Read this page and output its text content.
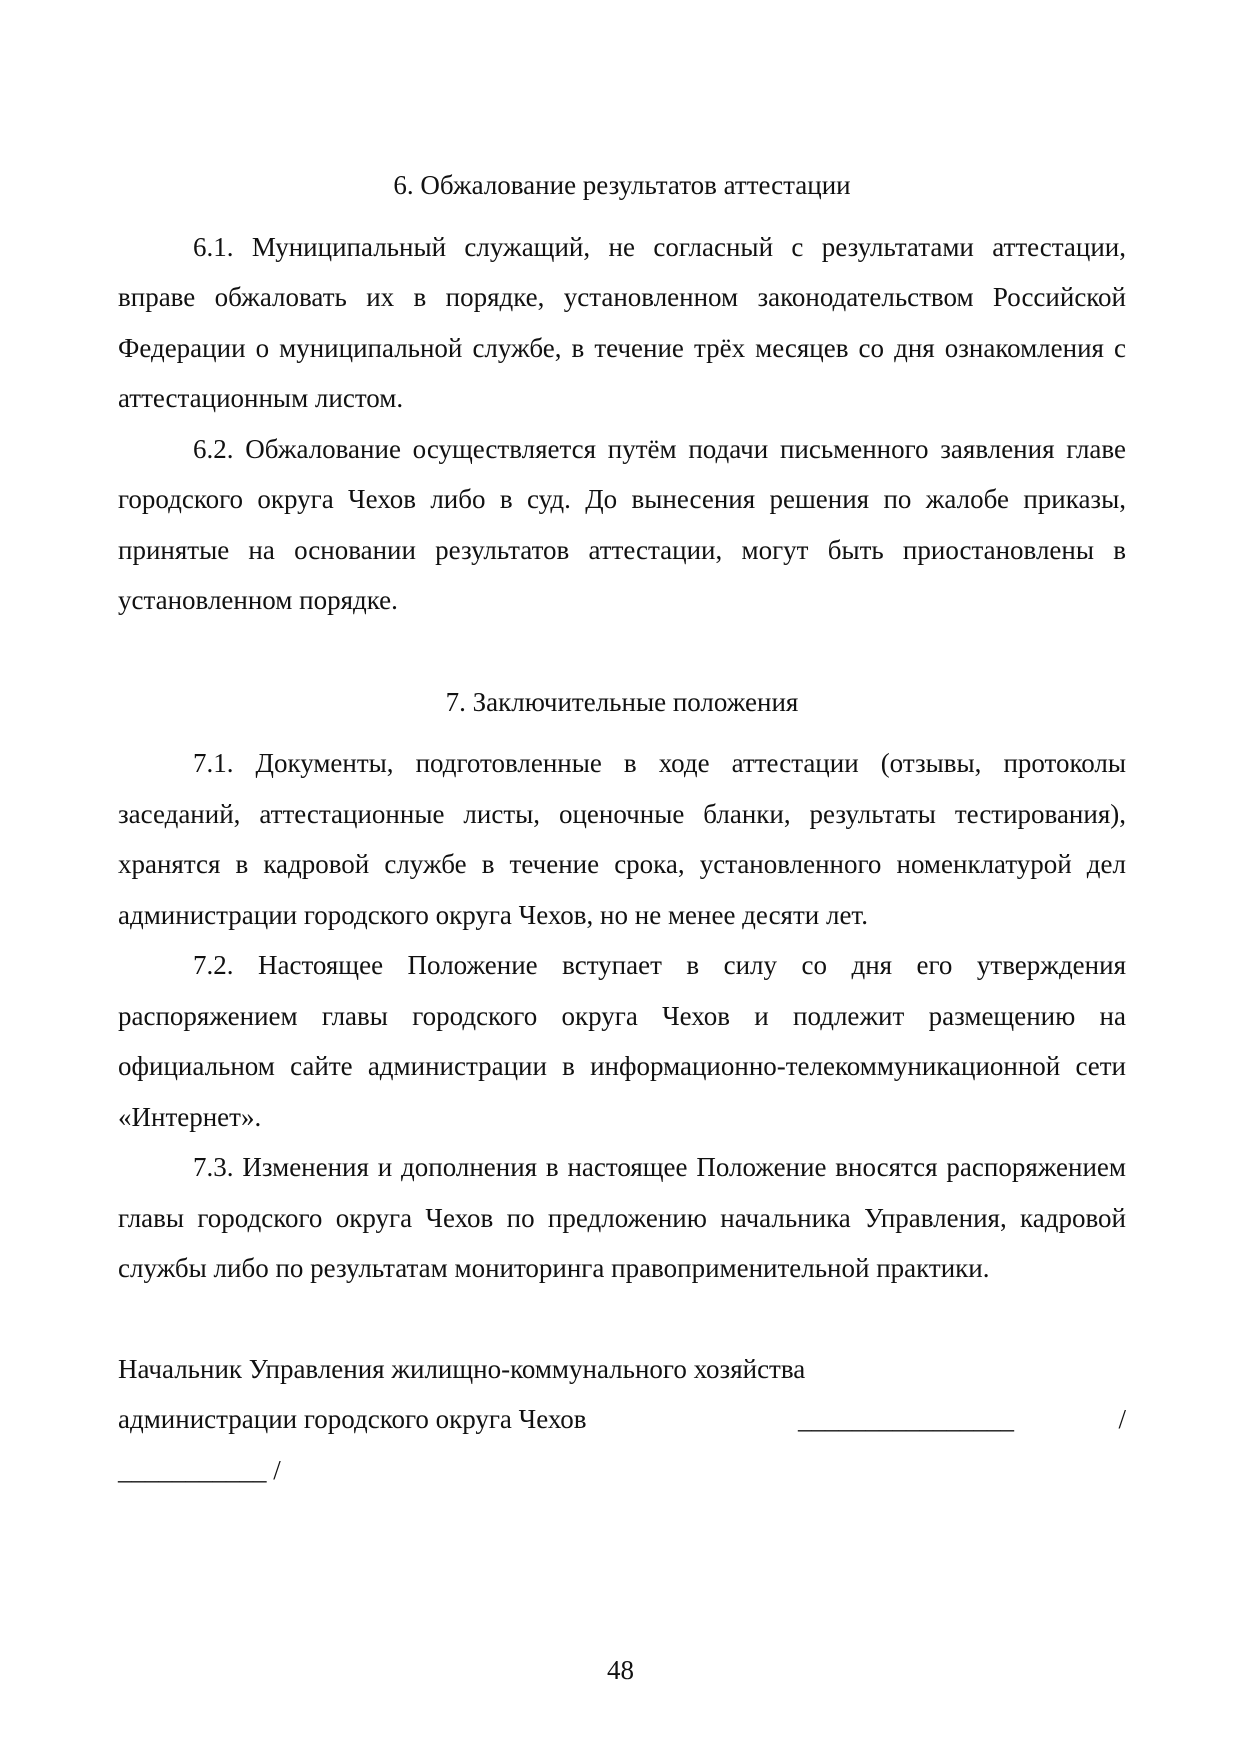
6. Обжалование результатов аттестации

6.1. Муниципальный служащий, не согласный с результатами аттестации, вправе обжаловать их в порядке, установленном законодательством Российской Федерации о муниципальной службе, в течение трёх месяцев со дня ознакомления с аттестационным листом.

6.2. Обжалование осуществляется путём подачи письменного заявления главе городского округа Чехов либо в суд. До вынесения решения по жалобе приказы, принятые на основании результатов аттестации, могут быть приостановлены в установленном порядке.

7. Заключительные положения

7.1. Документы, подготовленные в ходе аттестации (отзывы, протоколы заседаний, аттестационные листы, оценочные бланки, результаты тестирования), хранятся в кадровой службе в течение срока, установленного номенклатурой дел администрации городского округа Чехов, но не менее десяти лет.

7.2. Настоящее Положение вступает в силу со дня его утверждения распоряжением главы городского округа Чехов и подлежит размещению на официальном сайте администрации в информационно-телекоммуникационной сети «Интернет».

7.3. Изменения и дополнения в настоящее Положение вносятся распоряжением главы городского округа Чехов по предложению начальника Управления, кадровой службы либо по результатам мониторинга правоприменительной практики.

Начальник Управления жилищно-коммунального хозяйства

администрации городского округа Чехов	________________	/

___________ /

48
